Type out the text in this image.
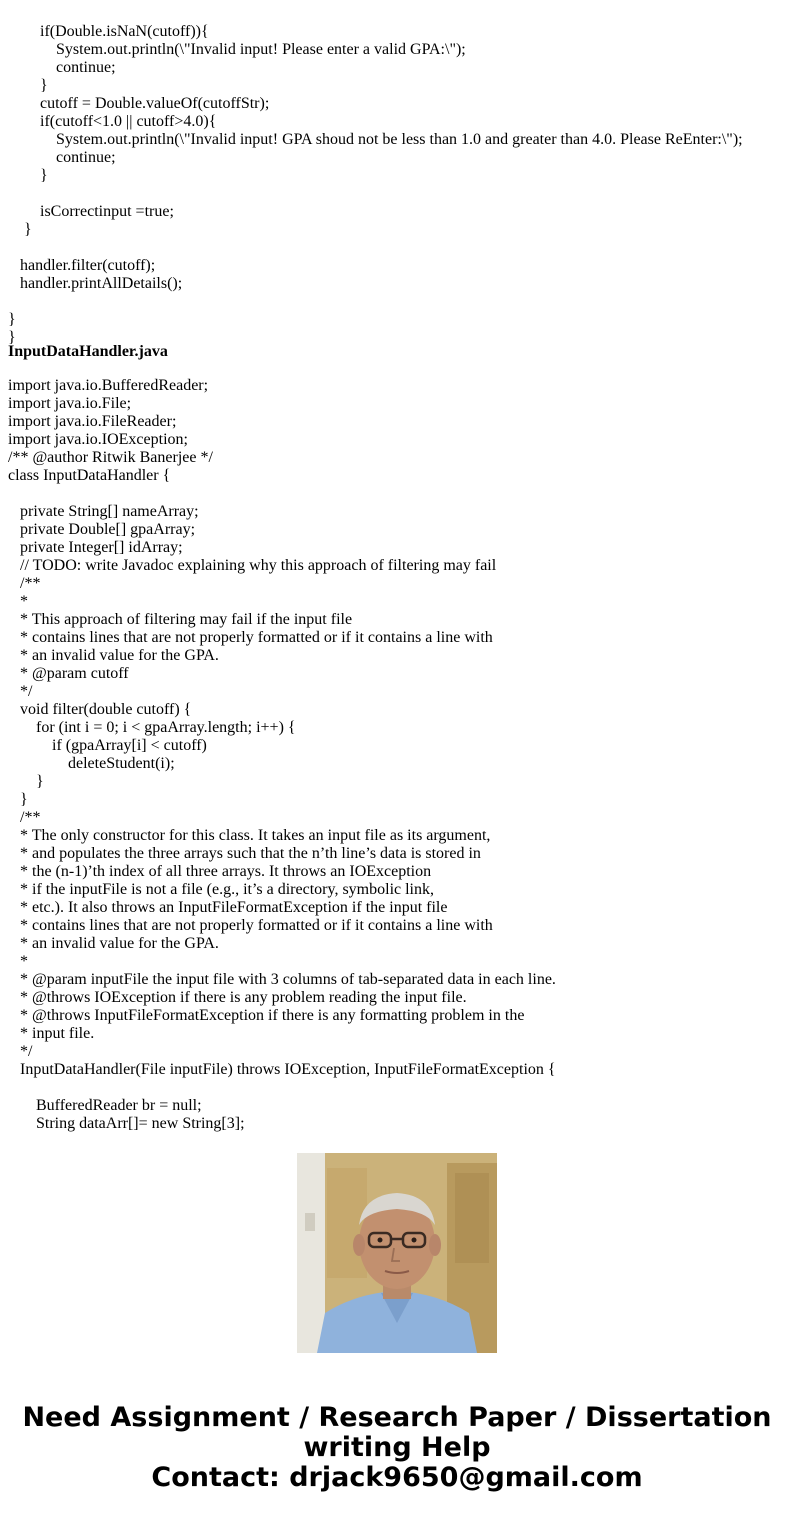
if(Double.isNaN(cutoff)){
System.out.println(\"Invalid input! Please enter a valid GPA:\");
continue;
}
cutoff = Double.valueOf(cutoffStr);
if(cutoff<1.0 || cutoff>4.0){
System.out.println(\"Invalid input! GPA shoud not be less than 1.0 and greater than 4.0. Please ReEnter:\");
continue;
}

isCorrectinput =true;
}

handler.filter(cutoff);
handler.printAllDetails();

}
}
InputDataHandler.java
import java.io.BufferedReader;
import java.io.File;
import java.io.FileReader;
import java.io.IOException;
/** @author Ritwik Banerjee */
class InputDataHandler {

private String[] nameArray;
private Double[] gpaArray;
private Integer[] idArray;
// TODO: write Javadoc explaining why this approach of filtering may fail
/**
*
* This approach of filtering may fail if the input file
* contains lines that are not properly formatted or if it contains a line with
* an invalid value for the GPA.
* @param cutoff
*/
void filter(double cutoff) {
for (int i = 0; i < gpaArray.length; i++) {
if (gpaArray[i] < cutoff)
deleteStudent(i);
}
}
/**
* The only constructor for this class. It takes an input file as its argument,
* and populates the three arrays such that the n’th line’s data is stored in
* the (n-1)’th index of all three arrays. It throws an IOException
* if the inputFile is not a file (e.g., it’s a directory, symbolic link,
* etc.). It also throws an InputFileFormatException if the input file
* contains lines that are not properly formatted or if it contains a line with
* an invalid value for the GPA.
*
* @param inputFile the input file with 3 columns of tab-separated data in each line.
* @throws IOException if there is any problem reading the input file.
* @throws InputFileFormatException if there is any formatting problem in the
* input file.
*/
InputDataHandler(File inputFile) throws IOException, InputFileFormatException {

BufferedReader br = null;
String dataArr[]= new String[3];
Need Assignment / Research Paper / Dissertation
writing Help
Contact: drjack9650@gmail.com
